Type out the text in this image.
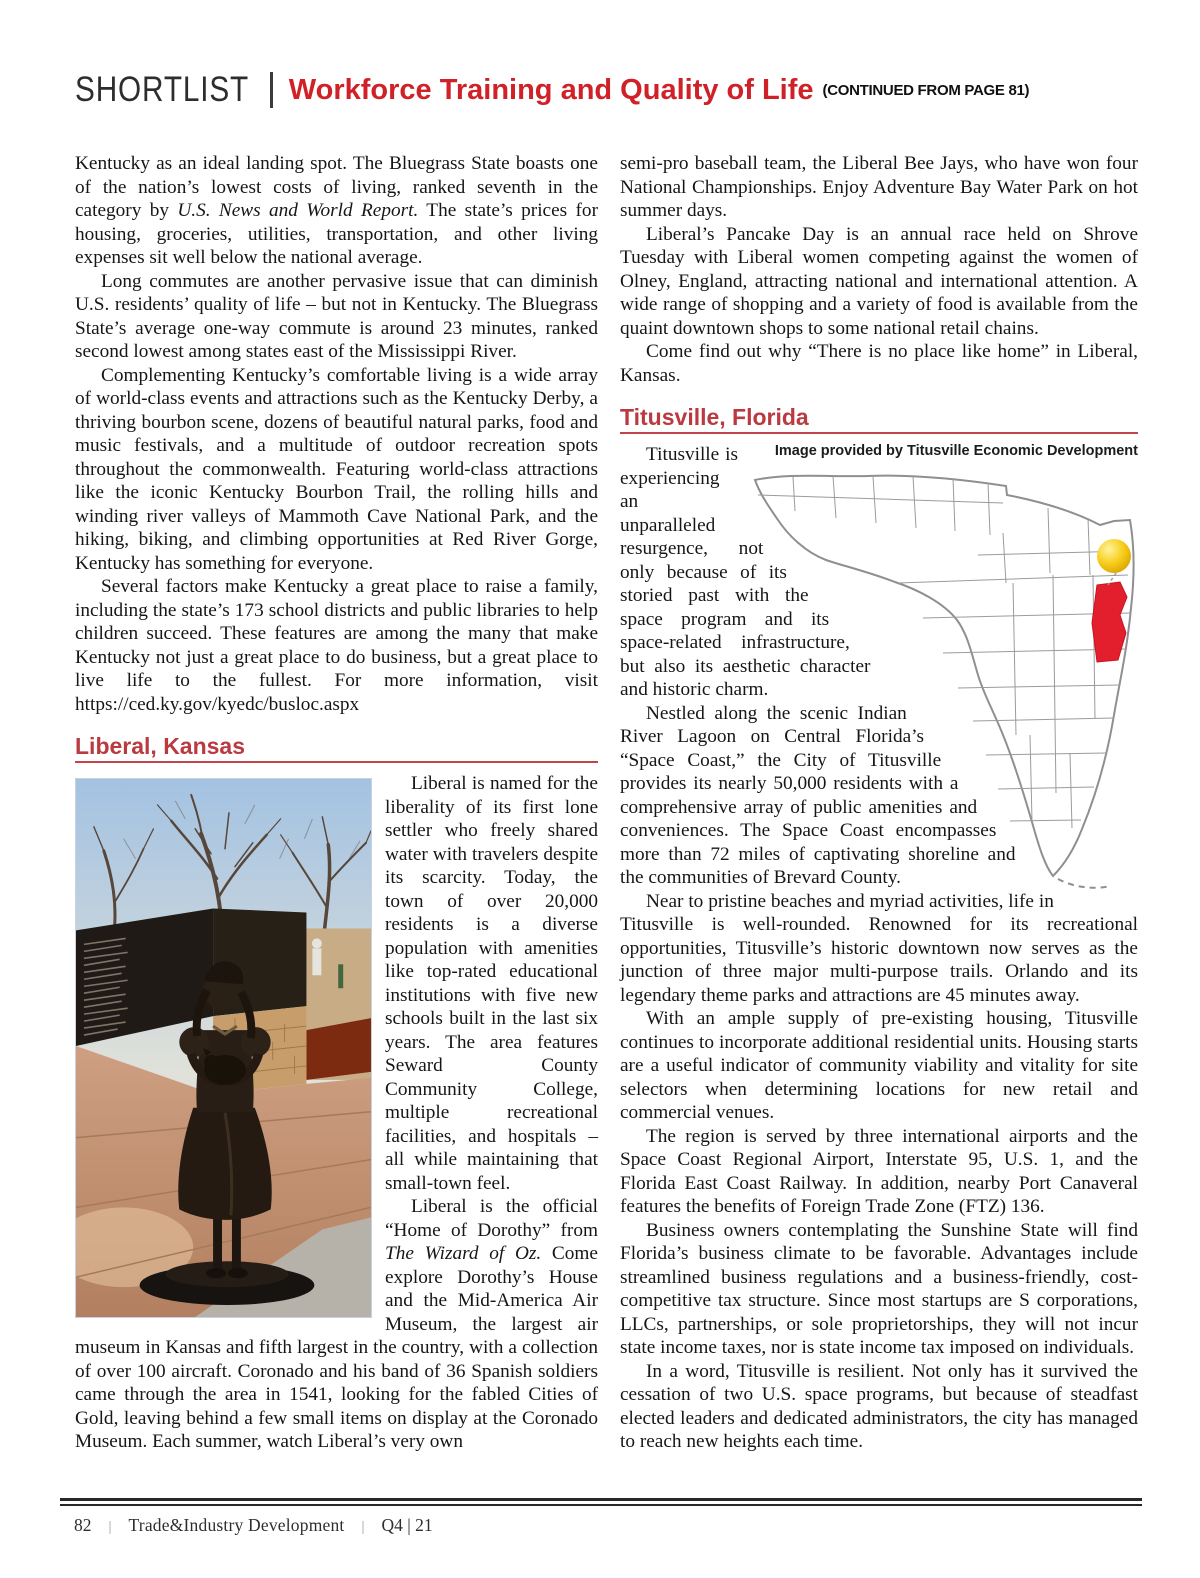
SHORTLIST Workforce Training and Quality of Life (CONTINUED FROM PAGE 81)

Kentucky as an ideal landing spot. The Bluegrass State boasts one of the nation’s lowest costs of living, ranked seventh in the category by U.S. News and World Report. The state’s prices for housing, groceries, utilities, transportation, and other living expenses sit well below the national average.

Long commutes are another pervasive issue that can diminish U.S. residents’ quality of life – but not in Kentucky. The Bluegrass State’s average one-way commute is around 23 minutes, ranked second lowest among states east of the Mississippi River.

Complementing Kentucky’s comfortable living is a wide array of world-class events and attractions such as the Kentucky Derby, a thriving bourbon scene, dozens of beautiful natural parks, food and music festivals, and a multitude of outdoor recreation spots throughout the commonwealth. Featuring world-class attractions like the iconic Kentucky Bourbon Trail, the rolling hills and winding river valleys of Mammoth Cave National Park, and the hiking, biking, and climbing opportunities at Red River Gorge, Kentucky has something for everyone.

Several factors make Kentucky a great place to raise a family, including the state’s 173 school districts and public libraries to help children succeed. These features are among the many that make Kentucky not just a great place to do business, but a great place to live life to the fullest. For more information, visit https://ced.ky.gov/kyedc/busloc.aspx

Liberal, Kansas

Liberal is named for the liberality of its first lone settler who freely shared water with travelers despite its scarcity. Today, the town of over 20,000 residents is a diverse population with amenities like top-rated educational institutions with five new schools built in the last six years. The area features Seward County Community College, multiple recreational facilities, and hospitals – all while maintaining that small-town feel.

Liberal is the official “Home of Dorothy” from The Wizard of Oz. Come explore Dorothy’s House and the Mid-America Air Museum, the largest air museum in Kansas and fifth largest in the country, with a collection of over 100 aircraft. Coronado and his band of 36 Spanish soldiers came through the area in 1541, looking for the fabled Cities of Gold, leaving behind a few small items on display at the Coronado Museum. Each summer, watch Liberal’s very own

semi-pro baseball team, the Liberal Bee Jays, who have won four National Championships. Enjoy Adventure Bay Water Park on hot summer days.

Liberal’s Pancake Day is an annual race held on Shrove Tuesday with Liberal women competing against the women of Olney, England, attracting national and international attention. A wide range of shopping and a variety of food is available from the quaint downtown shops to some national retail chains.

Come find out why “There is no place like home” in Liberal, Kansas.

Titusville, Florida
Image provided by Titusville Economic Development

Titusville is experiencing an unparalleled resurgence, not only because of its storied past with the space program and its space-related infrastructure, but also its aesthetic character and historic charm.

Nestled along the scenic Indian River Lagoon on Central Florida’s “Space Coast,” the City of Titusville provides its nearly 50,000 residents with a comprehensive array of public amenities and conveniences. The Space Coast encompasses more than 72 miles of captivating shoreline and the communities of Brevard County.

Near to pristine beaches and myriad activities, life in Titusville is well-rounded. Renowned for its recreational opportunities, Titusville’s historic downtown now serves as the junction of three major multi-purpose trails. Orlando and its legendary theme parks and attractions are 45 minutes away.

With an ample supply of pre-existing housing, Titusville continues to incorporate additional residential units. Housing starts are a useful indicator of community viability and vitality for site selectors when determining locations for new retail and commercial venues.

The region is served by three international airports and the Space Coast Regional Airport, Interstate 95, U.S. 1, and the Florida East Coast Railway. In addition, nearby Port Canaveral features the benefits of Foreign Trade Zone (FTZ) 136.

Business owners contemplating the Sunshine State will find Florida’s business climate to be favorable. Advantages include streamlined business regulations and a business-friendly, cost-competitive tax structure. Since most startups are S corporations, LLCs, partnerships, or sole proprietorships, they will not incur state income taxes, nor is state income tax imposed on individuals.

In a word, Titusville is resilient. Not only has it survived the cessation of two U.S. space programs, but because of steadfast elected leaders and dedicated administrators, the city has managed to reach new heights each time.

82 | Trade&Industry Development | Q4 | 21
